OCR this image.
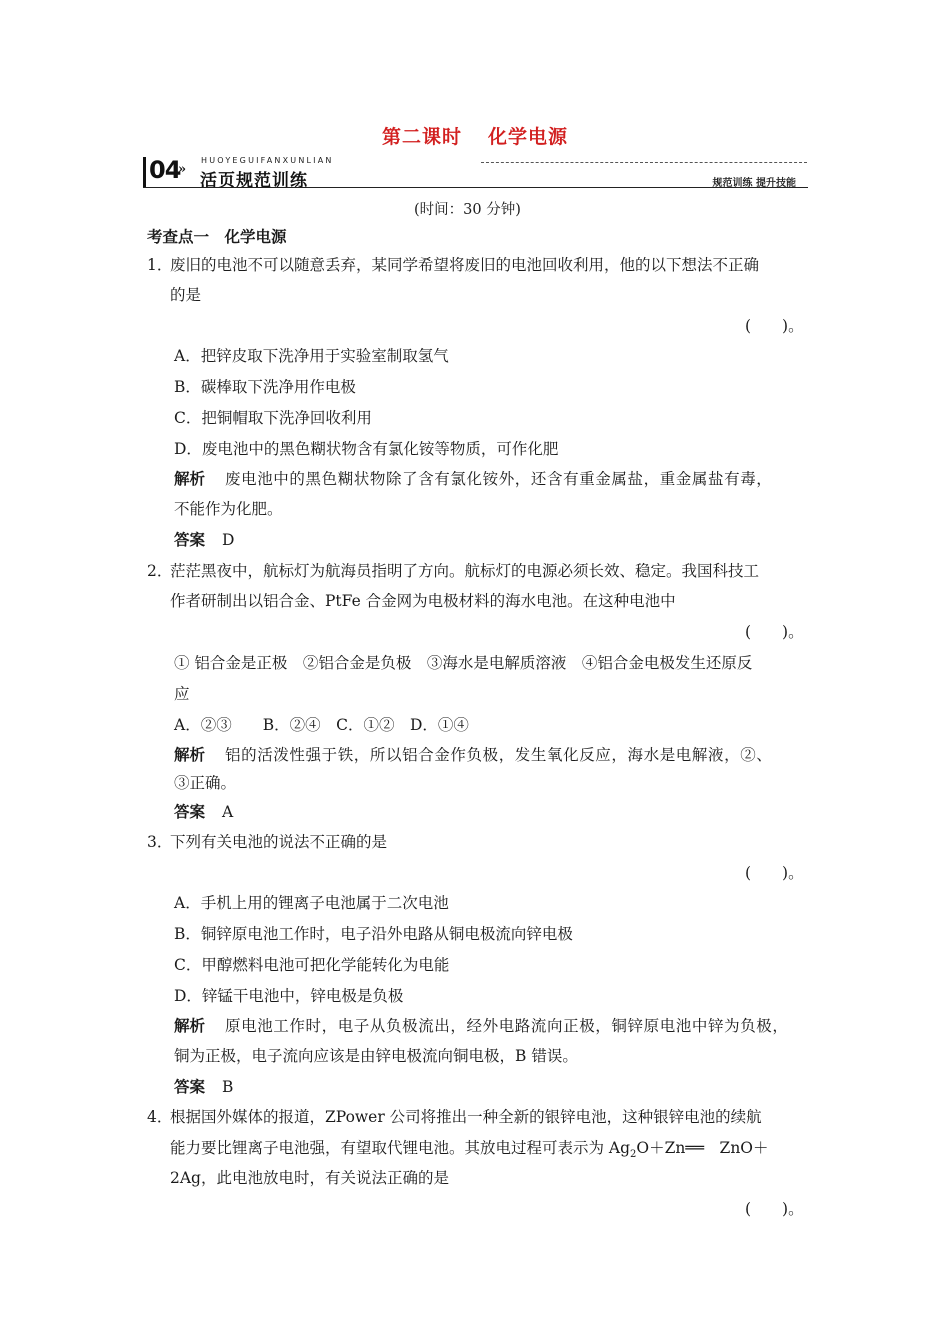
第二课时 化学电源
04
»
HUOYEGUIFANXUNLIAN
活页规范训练	规范训练 提升技能
(时间：30 分钟)
考查点一　化学电源
1．
废旧的电池不可以随意丢弃，某同学希望将废旧的电池回收利用，他的以下想法不正确
的是
(　　)。
A．把锌皮取下洗净用于实验室制取氢气
B．碳棒取下洗净用作电极
C．把铜帽取下洗净回收利用
D．废电池中的黑色糊状物含有氯化铵等物质，可作化肥
解析 废电池中的黑色糊状物除了含有氯化铵外，还含有重金属盐，重金属盐有毒，
不能作为化肥。
答案 D
2．
茫茫黑夜中，航标灯为航海员指明了方向。航标灯的电源必须长效、稳定。我国科技工
作者研制出以铝合金、PtFe 合金网为电极材料的海水电池。在这种电池中
(　　)。
① 铝合金是正极　②铝合金是负极　③海水是电解质溶液　④铝合金电极发生还原反
应
A．②③　　B．②④　C．①②　D．①④
解析 铝的活泼性强于铁，所以铝合金作负极，发生氧化反应，海水是电解液，②、
③正确。
答案 A
3．
下列有关电池的说法不正确的是
(　　)。
A．手机上用的锂离子电池属于二次电池
B．铜锌原电池工作时，电子沿外电路从铜电极流向锌电极
C．甲醇燃料电池可把化学能转化为电能
D．锌锰干电池中，锌电极是负极
解析 原电池工作时，电子从负极流出，经外电路流向正极，铜锌原电池中锌为负极，
铜为正极，电子流向应该是由锌电极流向铜电极，B 错误。
答案 B
4．
根据国外媒体的报道，ZPower 公司将推出一种全新的银锌电池，这种银锌电池的续航
能力要比锂离子电池强，有望取代锂电池。其放电过程可表示为 $Ag_2O+Zn══$　ZnO＋
2Ag，此电池放电时，有关说法正确的是
(　　)。
